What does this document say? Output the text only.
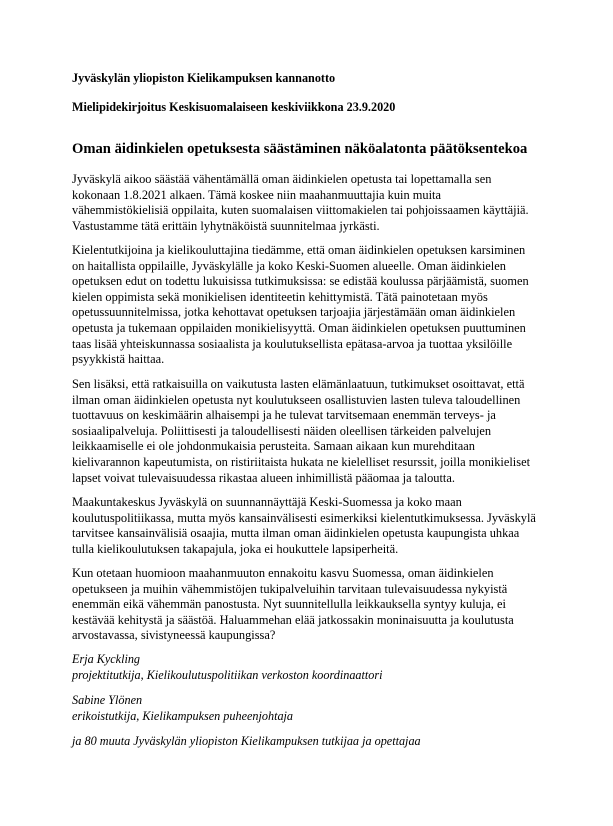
Jyväskylän yliopiston Kielikampuksen kannanotto
Mielipidekirjoitus Keskisuomalaiseen keskiviikkona 23.9.2020
Oman äidinkielen opetuksesta säästäminen näköalatonta päätöksentekoa
Jyväskylä aikoo säästää vähentämällä oman äidinkielen opetusta tai lopettamalla sen
kokonaan 1.8.2021 alkaen. Tämä koskee niin maahanmuuttajia kuin muita
vähemmistökielisiä oppilaita, kuten suomalaisen viittomakielen tai pohjoissaamen käyttäjiä.
Vastustamme tätä erittäin lyhytnäköistä suunnitelmaa jyrkästi.
Kielentutkijoina ja kielikouluttajina tiedämme, että oman äidinkielen opetuksen karsiminen
on haitallista oppilaille, Jyväskylälle ja koko Keski-Suomen alueelle. Oman äidinkielen
opetuksen edut on todettu lukuisissa tutkimuksissa: se edistää koulussa pärjäämistä, suomen
kielen oppimista sekä monikielisen identiteetin kehittymistä. Tätä painotetaan myös
opetussuunnitelmissa, jotka kehottavat opetuksen tarjoajia järjestämään oman äidinkielen
opetusta ja tukemaan oppilaiden monikielisyyttä. Oman äidinkielen opetuksen puuttuminen
taas lisää yhteiskunnassa sosiaalista ja koulutuksellista epätasa-arvoa ja tuottaa yksilöille
psyykkistä haittaa.
Sen lisäksi, että ratkaisuilla on vaikutusta lasten elämänlaatuun, tutkimukset osoittavat, että
ilman oman äidinkielen opetusta nyt koulutukseen osallistuvien lasten tuleva taloudellinen
tuottavuus on keskimäärin alhaisempi ja he tulevat tarvitsemaan enemmän terveys- ja
sosiaalipalveluja. Poliittisesti ja taloudellisesti näiden oleellisen tärkeiden palvelujen
leikkaamiselle ei ole johdonmukaisia perusteita. Samaan aikaan kun murehditaan
kielivarannon kapeutumista, on ristiriitaista hukata ne kielelliset resurssit, joilla monikieliset
lapset voivat tulevaisuudessa rikastaa alueen inhimillistä pääomaa ja taloutta.
Maakuntakeskus Jyväskylä on suunnannäyttäjä Keski-Suomessa ja koko maan
koulutuspolitiikassa, mutta myös kansainvälisesti esimerkiksi kielentutkimuksessa. Jyväskylä
tarvitsee kansainvälisiä osaajia, mutta ilman oman äidinkielen opetusta kaupungista uhkaa
tulla kielikoulutuksen takapajula, joka ei houkuttele lapsiperheitä.
Kun otetaan huomioon maahanmuuton ennakoitu kasvu Suomessa, oman äidinkielen
opetukseen ja muihin vähemmistöjen tukipalveluihin tarvitaan tulevaisuudessa nykyistä
enemmän eikä vähemmän panostusta. Nyt suunnitellulla leikkauksella syntyy kuluja, ei
kestävää kehitystä ja säästöä. Haluammehan elää jatkossakin moninaisuutta ja koulutusta
arvostavassa, sivistyneessä kaupungissa?
Erja Kyckling
projektitutkija, Kielikoulutuspolitiikan verkoston koordinaattori
Sabine Ylönen
erikoistutkija, Kielikampuksen puheenjohtaja
ja 80 muuta Jyväskylän yliopiston Kielikampuksen tutkijaa ja opettajaa
